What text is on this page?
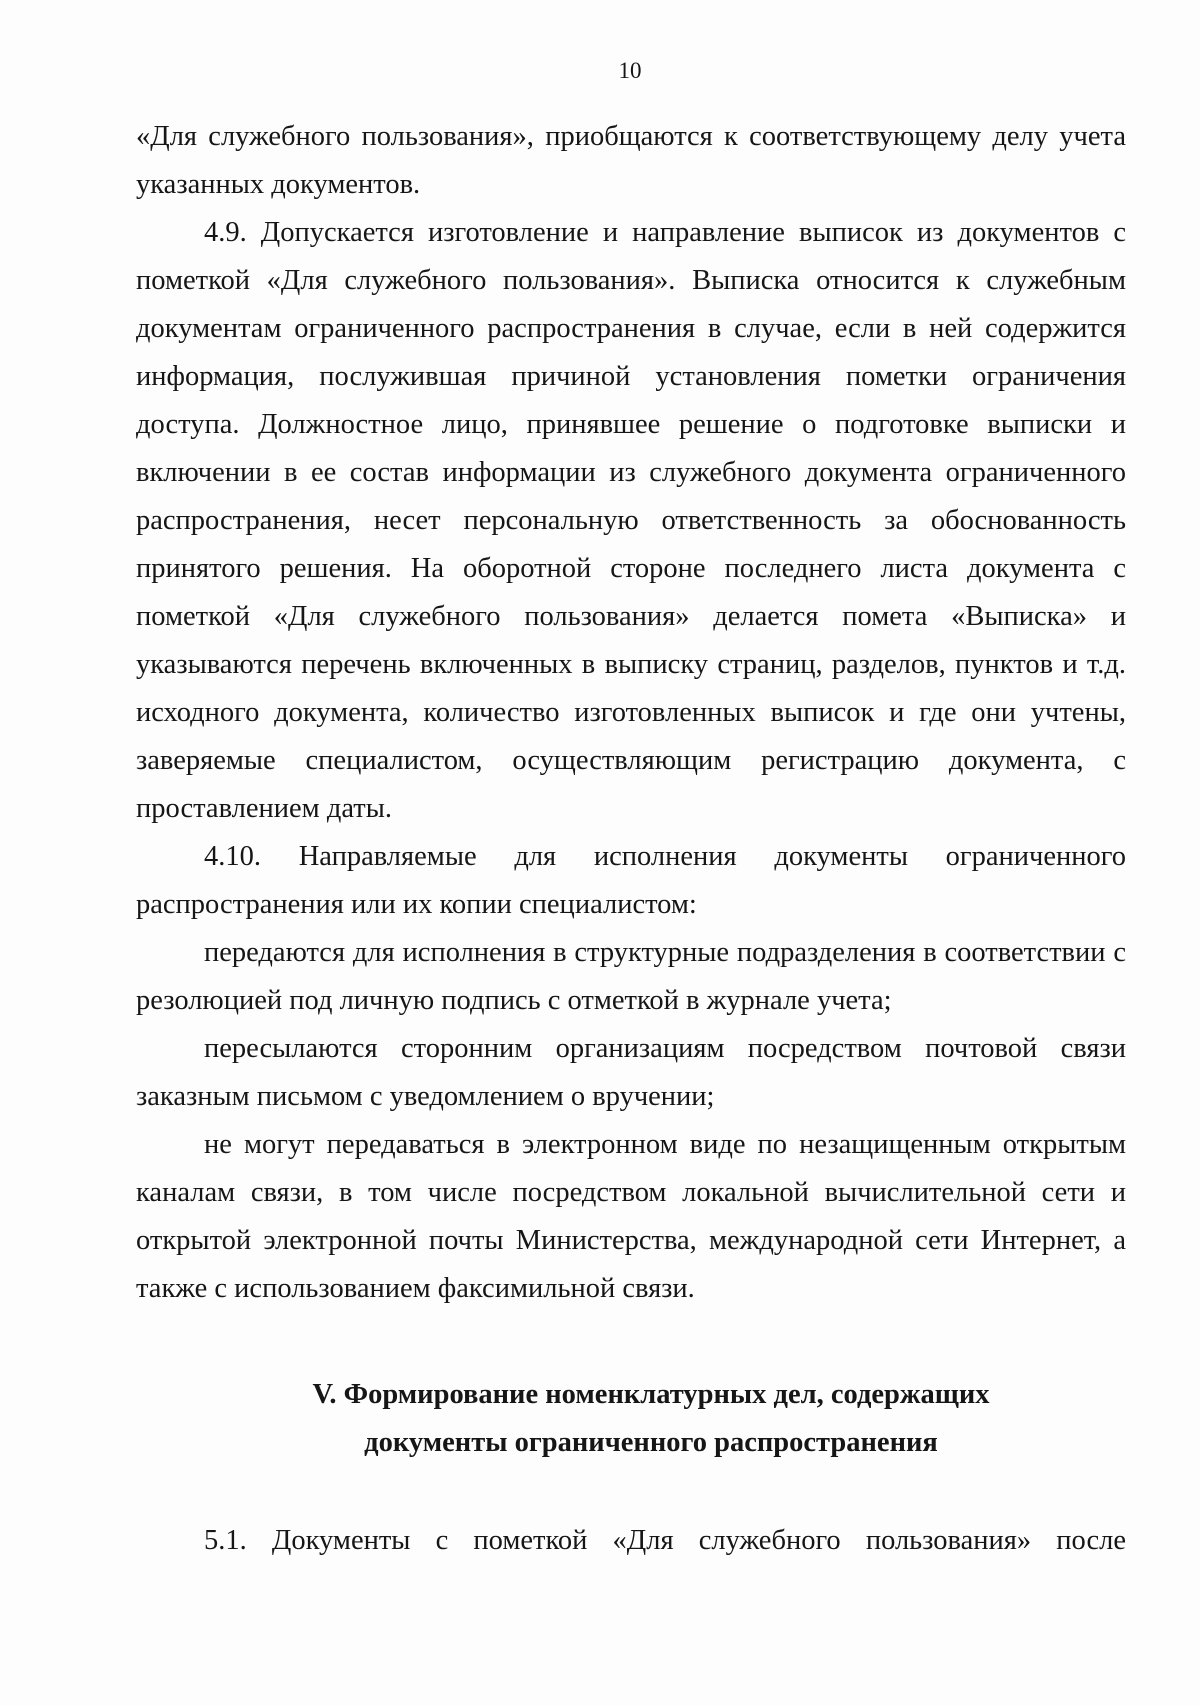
10

«Для служебного пользования», приобщаются к соответствующему делу учета указанных документов.

4.9. Допускается изготовление и направление выписок из документов с пометкой «Для служебного пользования». Выписка относится к служебным документам ограниченного распространения в случае, если в ней содержится информация, послужившая причиной установления пометки ограничения доступа. Должностное лицо, принявшее решение о подготовке выписки и включении в ее состав информации из служебного документа ограниченного распространения, несет персональную ответственность за обоснованность принятого решения. На оборотной стороне последнего листа документа с пометкой «Для служебного пользования» делается помета «Выписка» и указываются перечень включенных в выписку страниц, разделов, пунктов и т.д. исходного документа, количество изготовленных выписок и где они учтены, заверяемые специалистом, осуществляющим регистрацию документа, с проставлением даты.

4.10. Направляемые для исполнения документы ограниченного распространения или их копии специалистом:

передаются для исполнения в структурные подразделения в соответствии с резолюцией под личную подпись с отметкой в журнале учета;

пересылаются сторонним организациям посредством почтовой связи заказным письмом с уведомлением о вручении;

не могут передаваться в электронном виде по незащищенным открытым каналам связи, в том числе посредством локальной вычислительной сети и открытой электронной почты Министерства, международной сети Интернет, а также с использованием факсимильной связи.

V. Формирование номенклатурных дел, содержащих

документы ограниченного распространения

5.1. Документы с пометкой «Для служебного пользования» после
